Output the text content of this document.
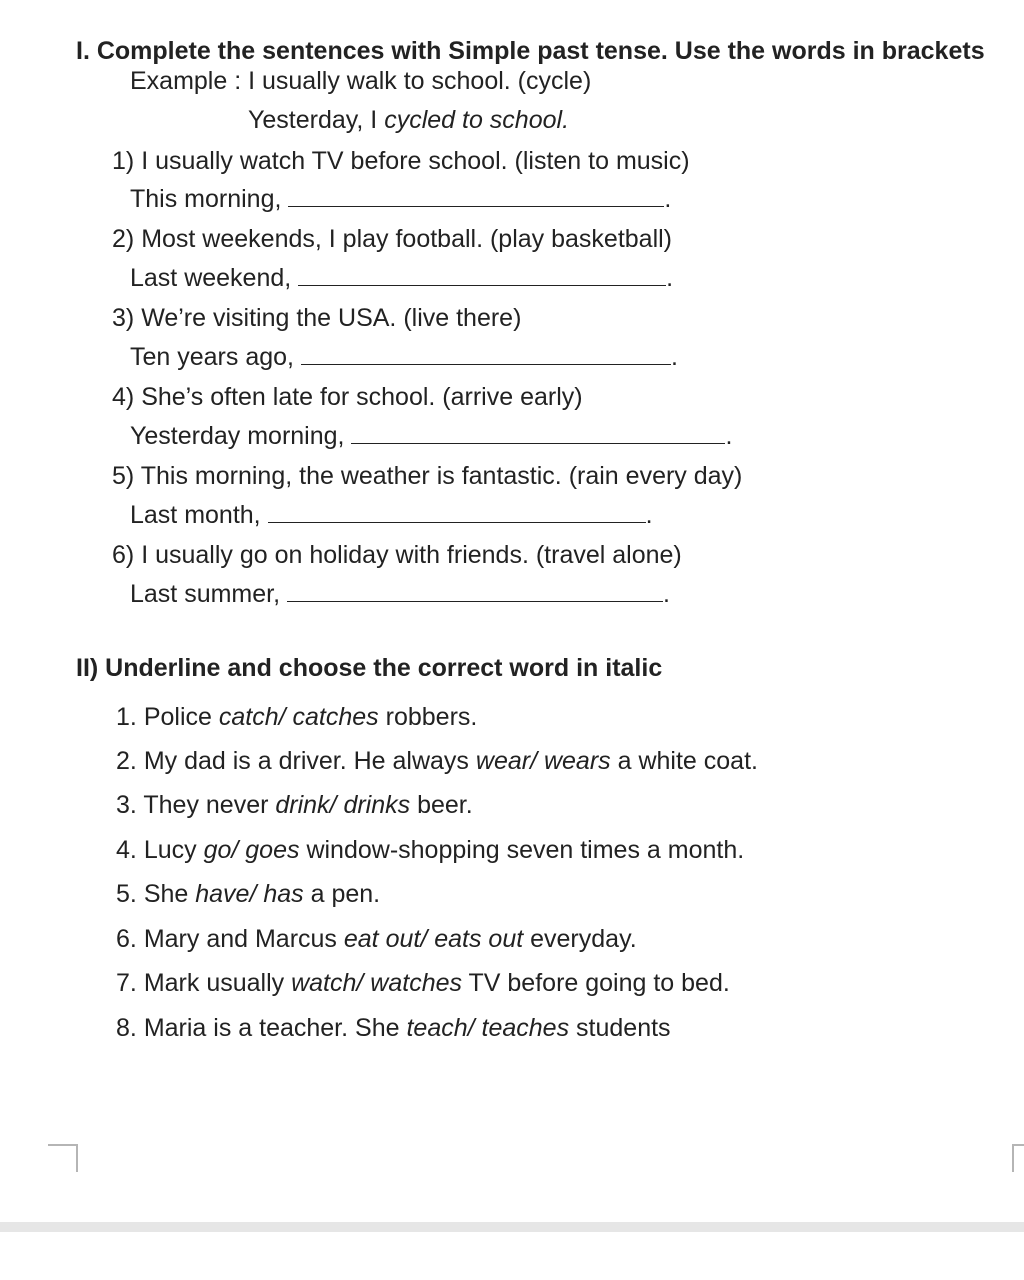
I. Complete the sentences with Simple past tense. Use the words in brackets
Example : I usually walk to school. (cycle)
Yesterday, I cycled to school.
1) I usually watch TV before school. (listen to music)
This morning,	.
2) Most weekends, I play football. (play basketball)
Last weekend,	.
3) We’re visiting the USA. (live there)
Ten years ago,	.
4) She’s often late for school. (arrive early)
Yesterday morning,	.
5) This morning, the weather is fantastic. (rain every day)
Last month,	.
6) I usually go on holiday with friends. (travel alone)
Last summer,	.
II) Underline and choose the correct word in italic
1. Police catch/ catches robbers.
2. My dad is a driver. He always wear/ wears a white coat.
3. They never drink/ drinks beer.
4. Lucy go/ goes window-shopping seven times a month.
5. She have/ has a pen.
6. Mary and Marcus eat out/ eats out everyday.
7. Mark usually watch/ watches TV before going to bed.
8. Maria is a teacher. She teach/ teaches students
